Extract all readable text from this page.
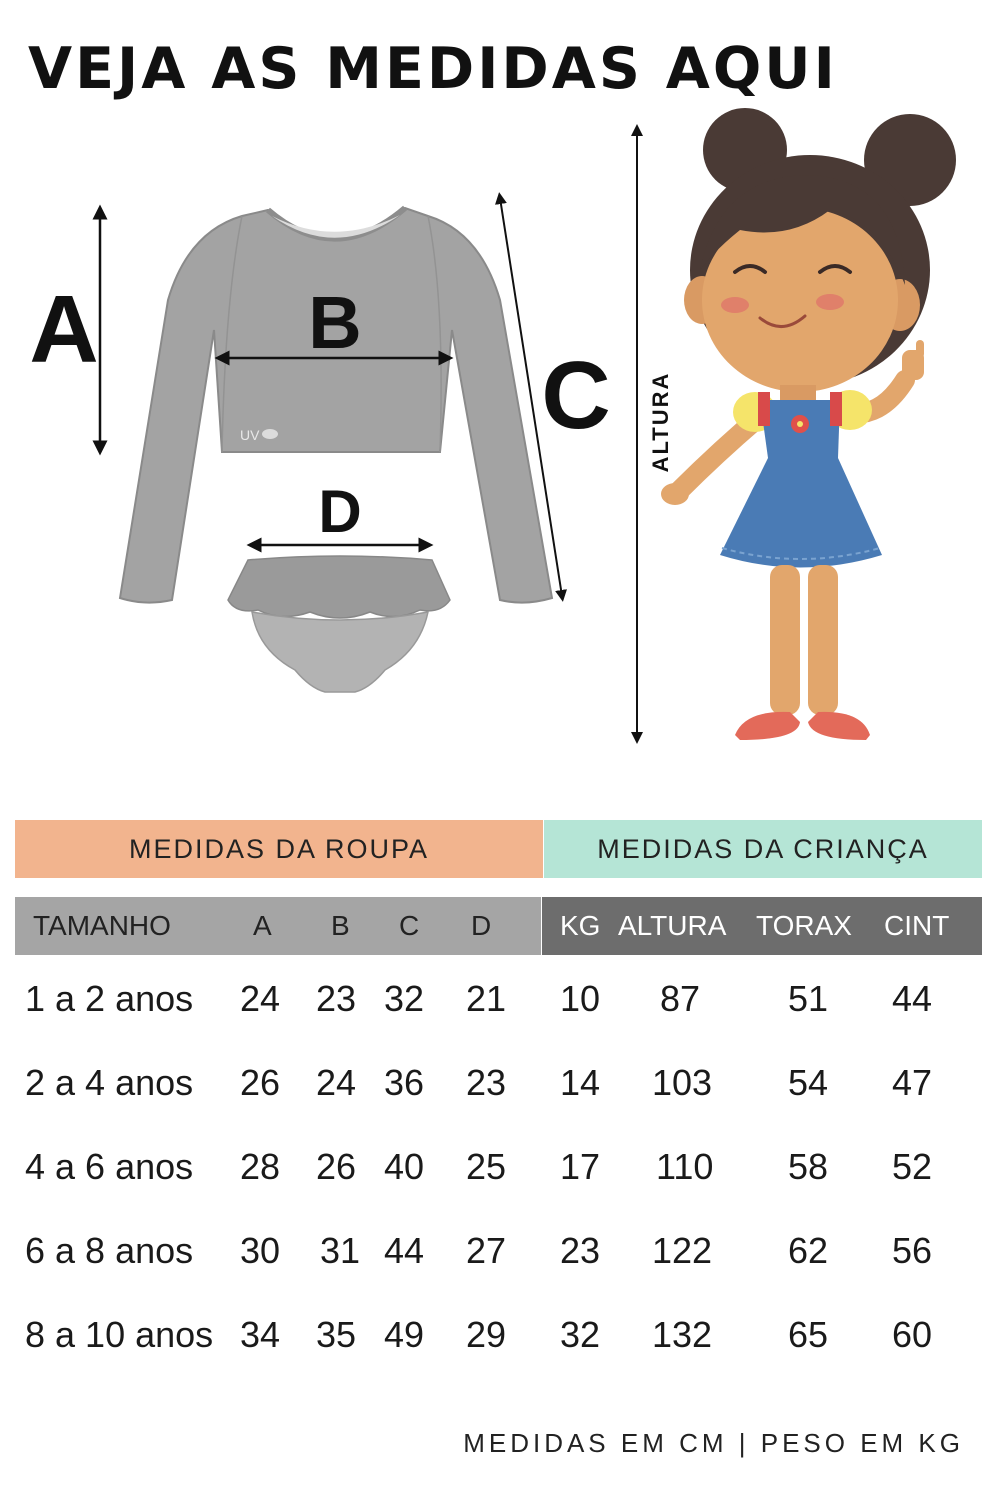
VEJA AS MEDIDAS AQUI
UV
A	B
C
D
ALTURA
MEDIDAS DA ROUPA	MEDIDAS DA CRIANÇA
TAMANHO	A B C D KG ALTURA TORAX CINT
1 a 2 anos 24 23 32 21 10 87 51 44
2 a 4 anos 26 24 36 23 14 103 54 47
4 a 6 anos 28 26 40 25 17 110 58 52
6 a 8 anos 30 31 44 27 23 122 62 56
8 a 10 anos 34 35 49 29 32 132 65 60
MEDIDAS EM CM | PESO EM KG
